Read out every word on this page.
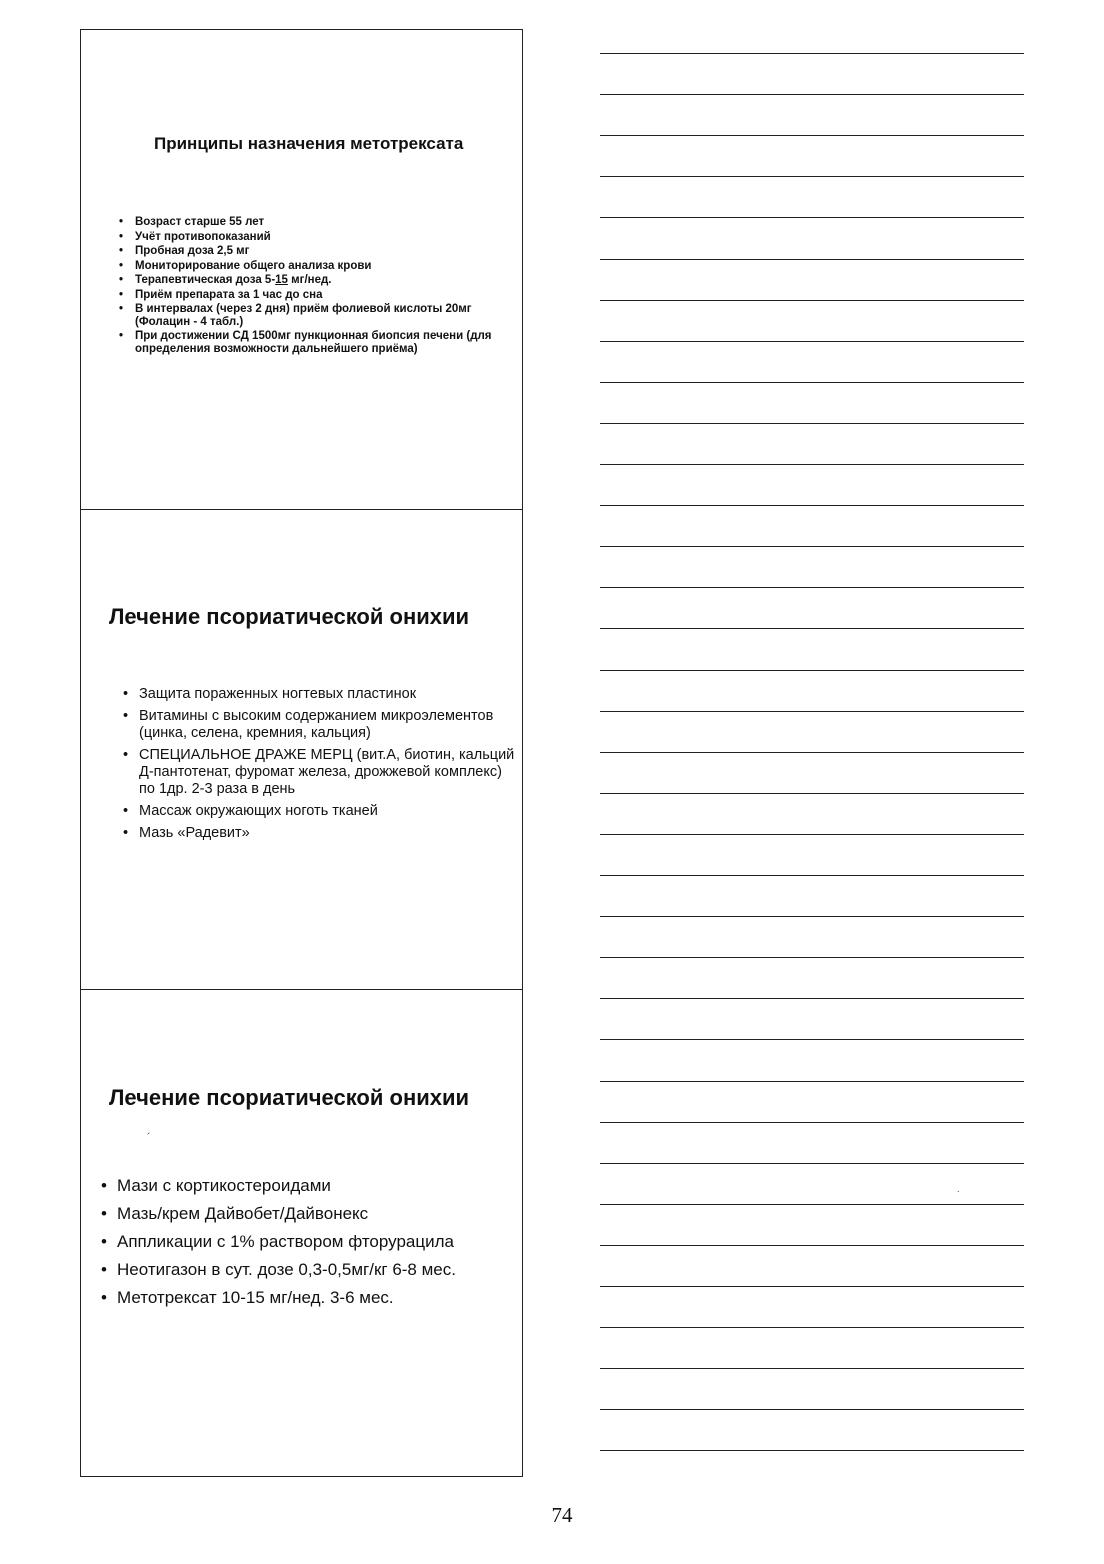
Принципы назначения метотрексата
• Возраст старше 55 лет
• Учёт противопоказаний
• Пробная доза 2,5 мг
• Мониторирование общего анализа крови
• Терапевтическая доза 5-15 мг/нед.
• Приём препарата за 1 час до сна
• В интервалах (через 2 дня) приём фолиевой кислоты 20мг (Фолацин - 4 табл.)
• При достижении СД 1500мг пункционная биопсия печени (для определения возможности дальнейшего приёма)
Лечение псориатической онихии
• Защита пораженных ногтевых пластинок
• Витамины с высоким содержанием микроэлементов (цинка, селена, кремния, кальция)
• СПЕЦИАЛЬНОЕ ДРАЖЕ МЕРЦ (вит.А, биотин, кальций Д-пантотенат, фуромат железа, дрожжевой комплекс) по 1др. 2-3 раза в день
• Массаж окружающих ноготь тканей
• Мазь «Радевит»
Лечение псориатической онихии
´
• Мази с кортикостероидами
• Мазь/крем Дайвобет/Дайвонекс
• Аппликации с 1% раствором фторурацила
• Неотигазон в сут. дозе 0,3-0,5мг/кг 6-8 мес.
• Метотрексат 10-15 мг/нед. 3-6 мес.
.
74
